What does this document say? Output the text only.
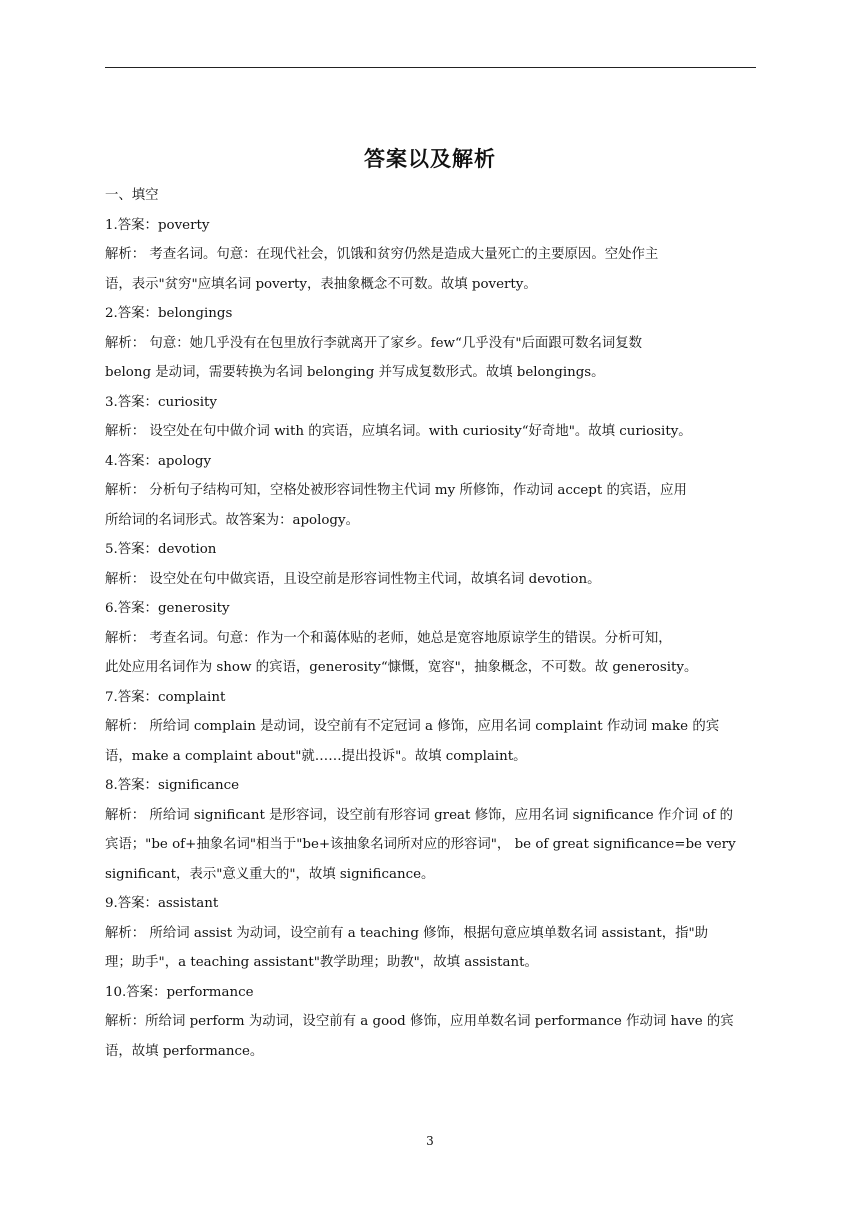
答案以及解析
一、填空
1.答案：poverty
解析： 考查名词。句意：在现代社会，饥饿和贫穷仍然是造成大量死亡的主要原因。空处作主
语，表示"贫穷"应填名词 poverty，表抽象概念不可数。故填 poverty。
2.答案：belongings
解析： 句意：她几乎没有在包里放行李就离开了家乡。few“几乎没有"后面跟可数名词复数
belong 是动词，需要转换为名词 belonging 并写成复数形式。故填 belongings。
3.答案：curiosity
解析： 设空处在句中做介词 with 的宾语，应填名词。with curiosity“好奇地"。故填 curiosity。
4.答案：apology
解析： 分析句子结构可知，空格处被形容词性物主代词 my 所修饰，作动词 accept 的宾语，应用
所给词的名词形式。故答案为：apology。
5.答案：devotion
解析： 设空处在句中做宾语，且设空前是形容词性物主代词，故填名词 devotion。
6.答案：generosity
解析： 考查名词。句意：作为一个和蔼体贴的老师，她总是宽容地原谅学生的错误。分析可知，
此处应用名词作为 show 的宾语，generosity“慷慨，宽容"，抽象概念，不可数。故 generosity。
7.答案：complaint
解析： 所给词 complain 是动词，设空前有不定冠词 a 修饰，应用名词 complaint 作动词 make 的宾
语，make a complaint about"就……提出投诉"。故填 complaint。
8.答案：significance
解析： 所给词 significant 是形容词，设空前有形容词 great 修饰，应用名词 significance 作介词 of 的
宾语；"be of+抽象名词"相当于"be+该抽象名词所对应的形容词"， be of great significance=be very
significant，表示"意义重大的"，故填 significance。
9.答案：assistant
解析： 所给词 assist 为动词，设空前有 a teaching 修饰，根据句意应填单数名词 assistant，指"助
理；助手"，a teaching assistant"教学助理；助教"，故填 assistant。
10.答案：performance
解析：所给词 perform 为动词，设空前有 a good 修饰，应用单数名词 performance 作动词 have 的宾
语，故填 performance。
3
